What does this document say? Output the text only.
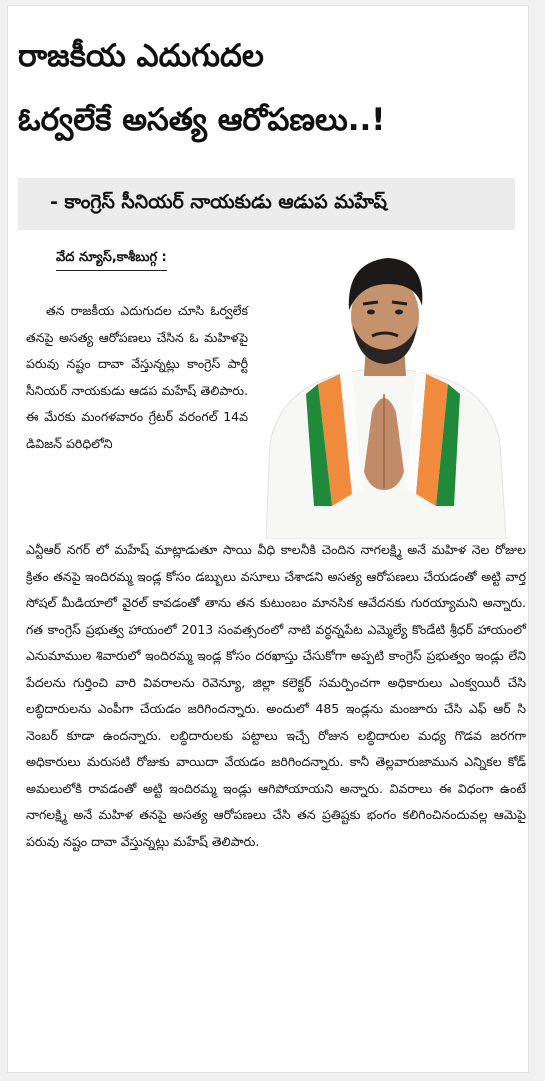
రాజకీయ ఎదుగుదల
ఓర్వలేకే అసత్య ఆరోపణలు..!
- కాంగ్రెస్ సీనియర్ నాయకుడు ఆడుప మహేష్
వేద న్యూస్,కాశీబుగ్గ :

తన రాజకీయ ఎదుగుదల చూసి ఓర్వలేక తనపై అసత్య ఆరోపణలు చేసిన ఓ మహిళపై పరువు నష్టం దావా వేస్తున్నట్లు కాంగ్రెస్ పార్టీ సీనియర్ నాయకుడు ఆడప మహేష్ తెలిపారు. ఈ మేరకు మంగళవారం గ్రేటర్ వరంగల్ 14వ డివిజన్ పరిధిలోని

ఎన్టీఆర్ నగర్ లో మహేష్ మాట్లాడుతూ సాయి వీధి కాలనీకి చెందిన నాగలక్ష్మి అనే మహిళ నెల రోజుల క్రితం తనపై ఇందిరమ్మ ఇండ్ల కోసం డబ్బులు వసూలు చేశాడని అసత్య ఆరోపణలు చేయడంతో అట్టి వార్త సోషల్ మీడియాలో వైరల్ కావడంతో తాను తన కుటుంబం మానసిక ఆవేదనకు గురయ్యామని అన్నారు. గత కాంగ్రెస్ ప్రభుత్వ హాయంలో 2013 సంవత్సరంలో నాటి వర్ధన్నపేట ఎమ్మెల్యే కొండేటి శ్రీధర్ హాయంలో ఎనుమాముల శివారులో ఇందిరమ్మ ఇండ్ల కోసం దరఖాస్తు చేసుకోగా అప్పటి కాంగ్రెస్ ప్రభుత్వం ఇండ్లు లేని పేదలను గుర్తించి వారి వివరాలను రెవెన్యూ, జిల్లా కలెక్టర్ సమర్పించగా అధికారులు ఎంక్వయిరీ చేసి లబ్ధిదారులను ఎంపీగా చేయడం జరిగిందన్నారు. అందులో 485 ఇండ్లను మంజూరు చేసి ఎఫ్ ఆర్ సి నెంబర్ కూడా ఉందన్నారు. లబ్ధిదారులకు పట్టాలు ఇచ్చే రోజున లబ్ధిదారుల మధ్య గొడవ జరగగా అధికారులు మరుసటి రోజుకు వాయిదా వేయడం జరిగిందన్నారు. కానీ తెల్లవారుజామున ఎన్నికల కోడ్ అమలులోకి రావడంతో అట్టి ఇందిరమ్మ ఇండ్లు ఆగిపోయాయని అన్నారు. వివరాలు ఈ విధంగా ఉంటే నాగలక్ష్మి అనే మహిళ తనపై అసత్య ఆరోపణలు చేసి తన ప్రతిష్టకు భంగం కలిగించినందువల్ల ఆమెపై పరువు నష్టం దావా వేస్తున్నట్లు మహేష్ తెలిపారు.
